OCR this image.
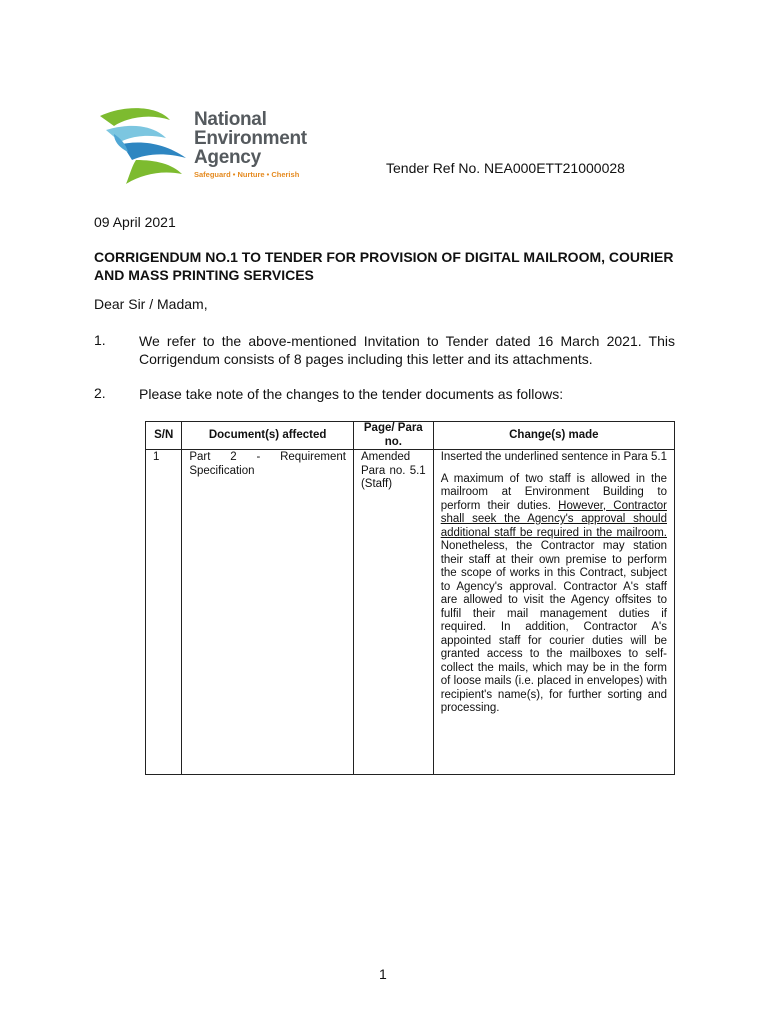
National
Environment
Agency
Safeguard • Nurture • Cherish	Tender Ref No. NEA000ETT21000028
09 April 2021
CORRIGENDUM NO.1 TO TENDER FOR PROVISION OF DIGITAL MAILROOM, COURIER AND MASS PRINTING SERVICES
Dear Sir / Madam,
1. We refer to the above-mentioned Invitation to Tender dated 16 March 2021. This Corrigendum consists of 8 pages including this letter and its attachments.
2. Please take note of the changes to the tender documents as follows:
S/N	Document(s) affected	Page/ Para no.	Change(s) made
1	Part 2 - Requirement Specification	Amended Para no. 5.1 (Staff)	Inserted the underlined sentence in Para 5.1
A maximum of two staff is allowed in the mailroom at Environment Building to perform their duties. However, Contractor shall seek the Agency's approval should additional staff be required in the mailroom. Nonetheless, the Contractor may station their staff at their own premise to perform the scope of works in this Contract, subject to Agency's approval. Contractor A's staff are allowed to visit the Agency offsites to fulfil their mail management duties if required. In addition, Contractor A's appointed staff for courier duties will be granted access to the mailboxes to self-collect the mails, which may be in the form of loose mails (i.e. placed in envelopes) with recipient's name(s), for further sorting and processing.
1
